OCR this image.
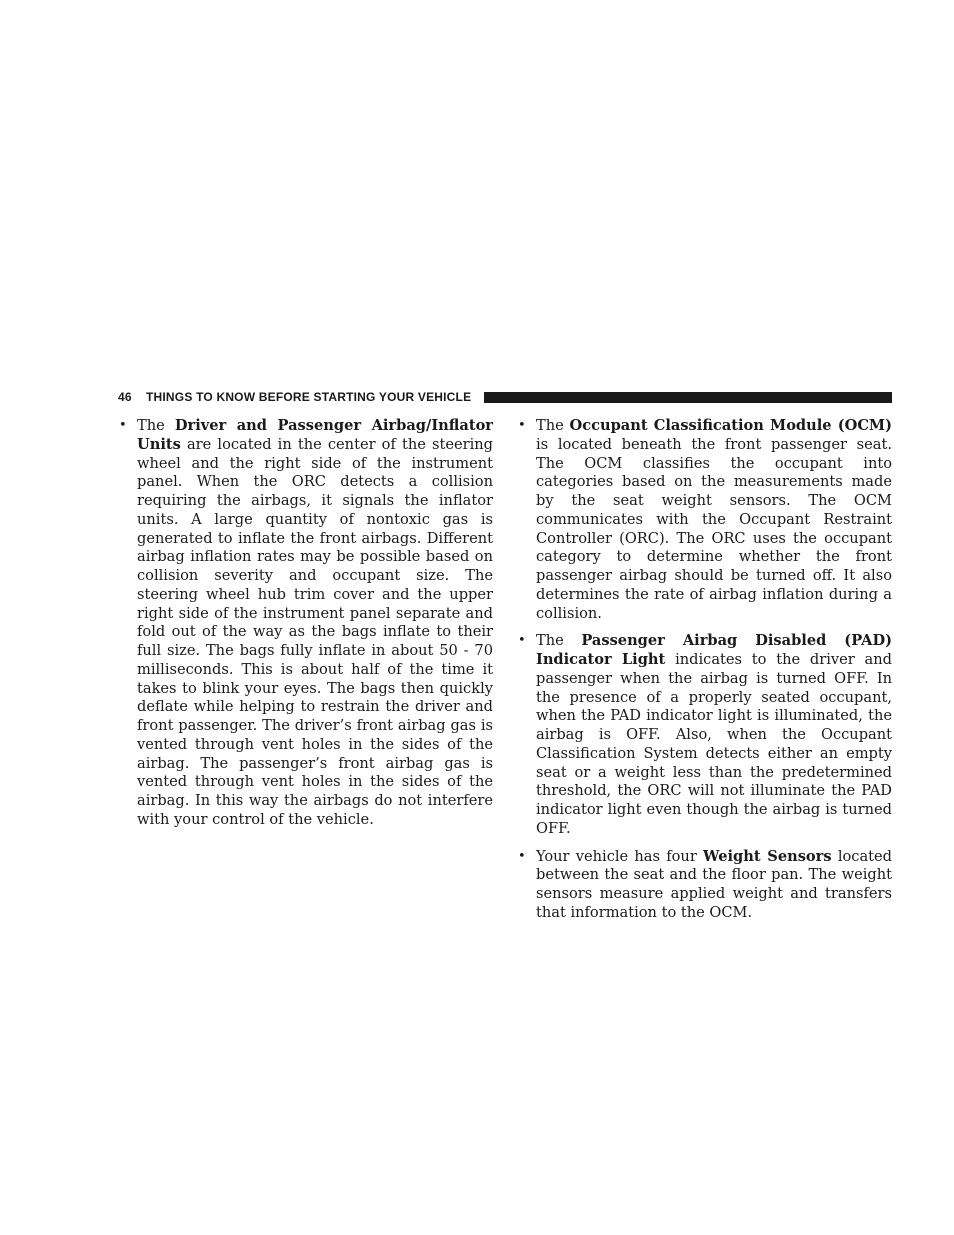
46 THINGS TO KNOW BEFORE STARTING YOUR VEHICLE
• The Driver and Passenger Airbag/Inflator Units are located in the center of the steering wheel and the right side of the instrument panel. When the ORC detects a collision requiring the airbags, it signals the inflator units. A large quantity of nontoxic gas is generated to inflate the front airbags. Different airbag inflation rates may be possible based on collision severity and occupant size. The steering wheel hub trim cover and the upper right side of the instrument panel separate and fold out of the way as the bags inflate to their full size. The bags fully inflate in about 50 - 70 milliseconds. This is about half of the time it takes to blink your eyes. The bags then quickly deflate while helping to restrain the driver and front passenger. The driver’s front airbag gas is vented through vent holes in the sides of the airbag. The passenger’s front airbag gas is vented through vent holes in the sides of the airbag. In this way the airbags do not interfere with your control of the vehicle.
• The Occupant Classification Module (OCM) is located beneath the front passenger seat. The OCM classifies the occupant into categories based on the measurements made by the seat weight sensors. The OCM communicates with the Occupant Restraint Controller (ORC). The ORC uses the occupant category to determine whether the front passenger airbag should be turned off. It also determines the rate of airbag inflation during a collision.
• The Passenger Airbag Disabled (PAD) Indicator Light indicates to the driver and passenger when the airbag is turned OFF. In the presence of a properly seated occupant, when the PAD indicator light is illuminated, the airbag is OFF. Also, when the Occupant Classification System detects either an empty seat or a weight less than the predetermined threshold, the ORC will not illuminate the PAD indicator light even though the airbag is turned OFF.
• Your vehicle has four Weight Sensors located between the seat and the floor pan. The weight sensors measure applied weight and transfers that information to the OCM.
